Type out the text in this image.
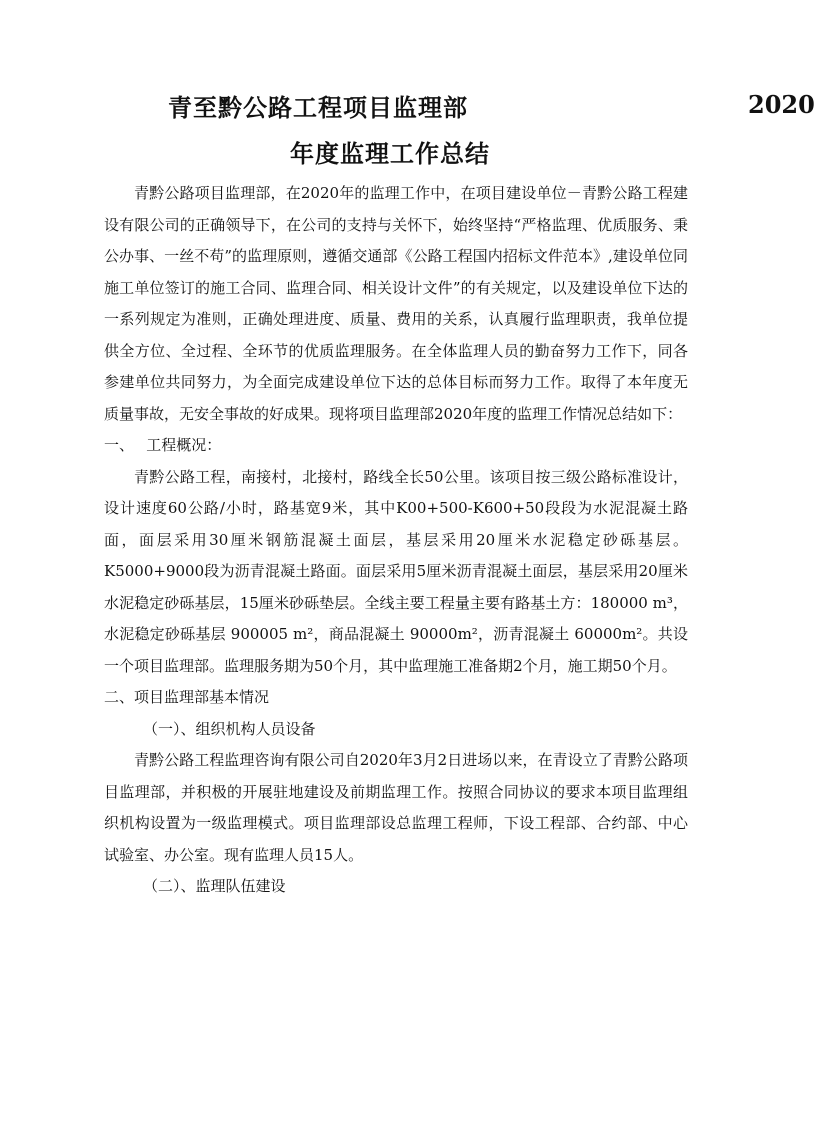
青至黔公路工程项目监理部	2020
年度监理工作总结

青黔公路项目监理部，在2020年的监理工作中，在项目建设单位－青黔公路工程建设有限公司的正确领导下，在公司的支持与关怀下，始终坚持“严格监理、优质服务、秉公办事、一丝不苟”的监理原则，遵循交通部《公路工程国内招标文件范本》,建设单位同施工单位签订的施工合同、监理合同、相关设计文件”的有关规定，以及建设单位下达的一系列规定为准则，正确处理进度、质量、费用的关系，认真履行监理职责，我单位提供全方位、全过程、全环节的优质监理服务。在全体监理人员的勤奋努力工作下，同各参建单位共同努力，为全面完成建设单位下达的总体目标而努力工作。取得了本年度无质量事故，无安全事故的好成果。现将项目监理部2020年度的监理工作情况总结如下：

一、　 工程概况：

青黔公路工程，南接村，北接村，路线全长50公里。该项目按三级公路标准设计，设计速度60公路/小时，路基宽9米，其中K00+500-K600+50段段为水泥混凝土路面，面层采用30厘米钢筋混凝土面层，基层采用20厘米水泥稳定砂砾基层。K5000+9000段为沥青混凝土路面。面层采用5厘米沥青混凝土面层，基层采用20厘米水泥稳定砂砾基层，15厘米砂砾垫层。全线主要工程量主要有路基土方：180000 m³，水泥稳定砂砾基层 900005 m²，商品混凝土 90000m²，沥青混凝土 60000m²。共设一个项目监理部。监理服务期为50个月，其中监理施工准备期2个月，施工期50个月。

二、项目监理部基本情况

（一）、组织机构人员设备

青黔公路工程监理咨询有限公司自2020年3月2日进场以来，在青设立了青黔公路项目监理部，并积极的开展驻地建设及前期监理工作。按照合同协议的要求本项目监理组织机构设置为一级监理模式。项目监理部设总监理工程师，下设工程部、合约部、中心试验室、办公室。现有监理人员15人。

（二）、监理队伍建设
